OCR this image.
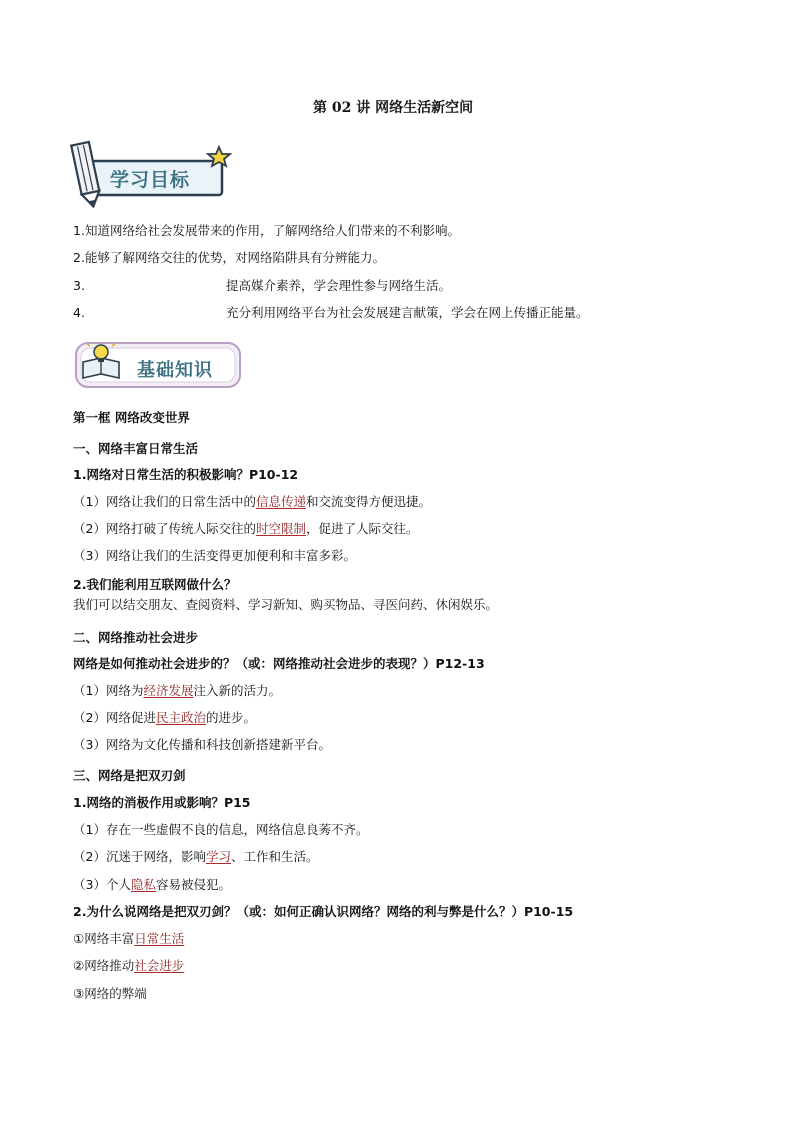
第 02 讲 网络生活新空间
学习目标
1.知道网络给社会发展带来的作用，了解网络给人们带来的不利影响。
2.能够了解网络交往的优势，对网络陷阱具有分辨能力。
3.	提高媒介素养，学会理性参与网络生活。
4.	充分利用网络平台为社会发展建言献策，学会在网上传播正能量。
基础知识
第一框 网络改变世界
一、网络丰富日常生活
1.网络对日常生活的积极影响？P10-12
（1）网络让我们的日常生活中的信息传递和交流变得方便迅捷。
（2）网络打破了传统人际交往的时空限制，促进了人际交往。
（3）网络让我们的生活变得更加便利和丰富多彩。
2.我们能利用互联网做什么？
我们可以结交朋友、查阅资料、学习新知、购买物品、寻医问药、休闲娱乐。
二、网络推动社会进步
网络是如何推动社会进步的？（或：网络推动社会进步的表现？）P12-13
（1）网络为经济发展注入新的活力。
（2）网络促进民主政治的进步。
（3）网络为文化传播和科技创新搭建新平台。
三、网络是把双刃剑
1.网络的消极作用或影响？P15
（1）存在一些虚假不良的信息，网络信息良莠不齐。
（2）沉迷于网络，影响学习、工作和生活。
（3）个人隐私容易被侵犯。
2.为什么说网络是把双刃剑？（或：如何正确认识网络？网络的利与弊是什么？）P10-15
①网络丰富日常生活
②网络推动社会进步
③网络的弊端
